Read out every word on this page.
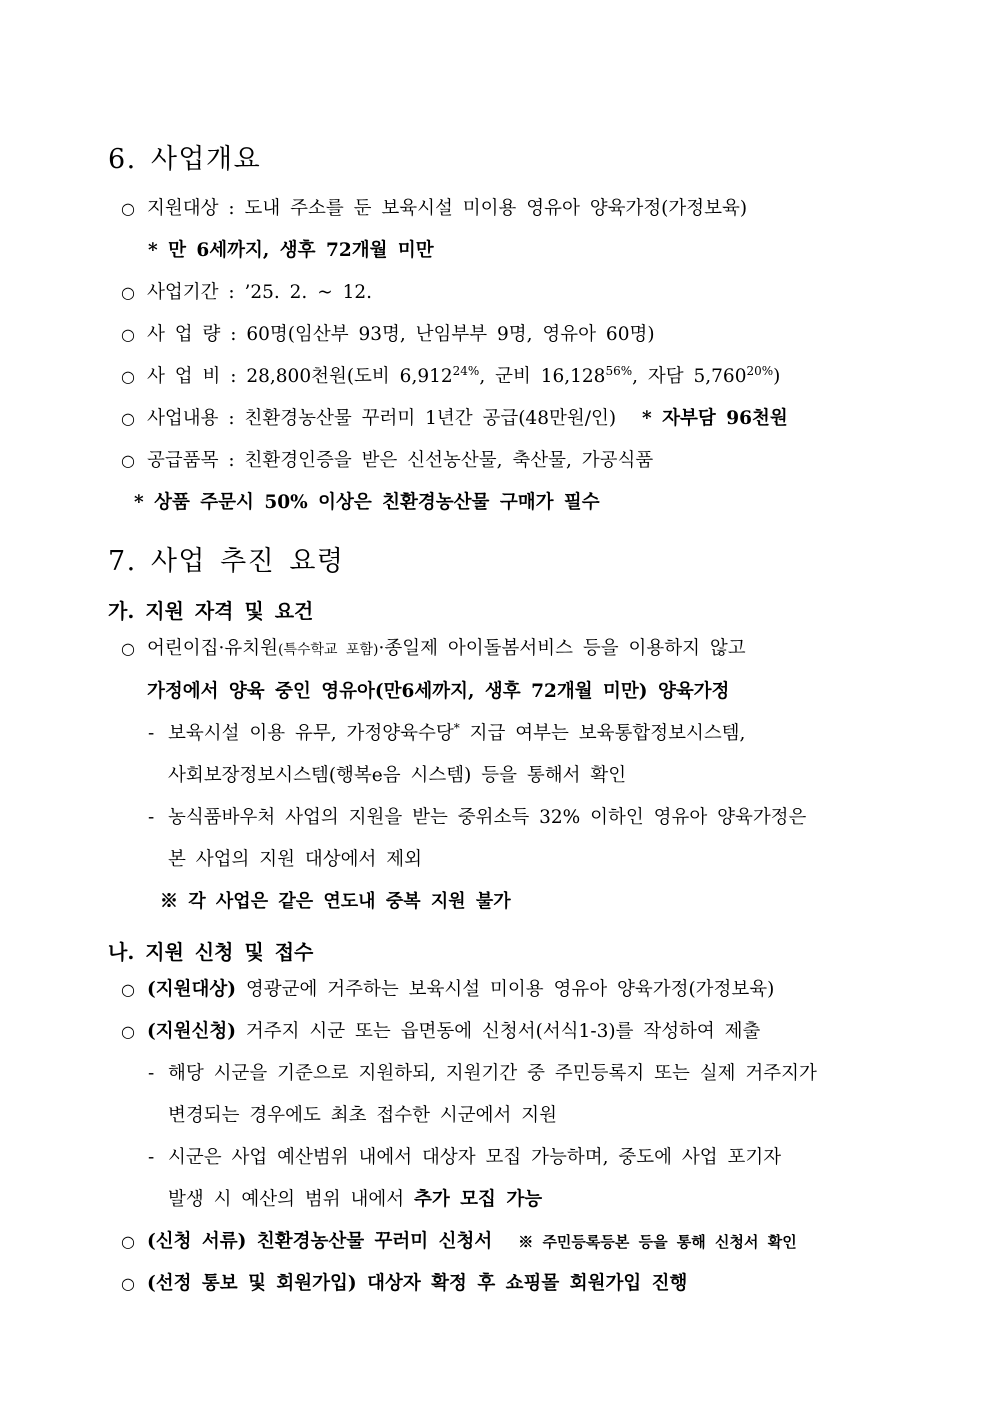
6. 사업개요
○ 지원대상 : 도내 주소를 둔 보육시설 미이용 영유아 양육가정(가정보육)
* 만 6세까지, 생후 72개월 미만
○ 사업기간 : ’25. 2. ~ 12.
○ 사 업 량 : 60명(임산부 93명, 난임부부 9명, 영유아 60명)
○ 사 업 비 : 28,800천원(도비 $6,912^{24\%}$, 군비 $16,128^{56\%}$, 자담 $5,760^{20\%}$)
○ 사업내용 : 친환경농산물 꾸러미 1년간 공급(48만원/인) * 자부담 96천원
○ 공급품목 : 친환경인증을 받은 신선농산물, 축산물, 가공식품
* 상품 주문시 50% 이상은 친환경농산물 구매가 필수
7. 사업 추진 요령
가. 지원 자격 및 요건
○ 어린이집·유치원(특수학교 포함)·종일제 아이돌봄서비스 등을 이용하지 않고
가정에서 양육 중인 영유아(만6세까지, 생후 72개월 미만) 양육가정
- 보육시설 이용 유무, 가정양육수당* 지급 여부는 보육통합정보시스템,
사회보장정보시스템(행복e음 시스템) 등을 통해서 확인
- 농식품바우처 사업의 지원을 받는 중위소득 32% 이하인 영유아 양육가정은
본 사업의 지원 대상에서 제외
※ 각 사업은 같은 연도내 중복 지원 불가
나. 지원 신청 및 접수
○ (지원대상) 영광군에 거주하는 보육시설 미이용 영유아 양육가정(가정보육)
○ (지원신청) 거주지 시군 또는 읍면동에 신청서(서식1-3)를 작성하여 제출
- 해당 시군을 기준으로 지원하되, 지원기간 중 주민등록지 또는 실제 거주지가
변경되는 경우에도 최초 접수한 시군에서 지원
- 시군은 사업 예산범위 내에서 대상자 모집 가능하며, 중도에 사업 포기자
발생 시 예산의 범위 내에서 추가 모집 가능
○ (신청 서류) 친환경농산물 꾸러미 신청서 ※ 주민등록등본 등을 통해 신청서 확인
○ (선정 통보 및 회원가입) 대상자 확정 후 쇼핑몰 회원가입 진행
